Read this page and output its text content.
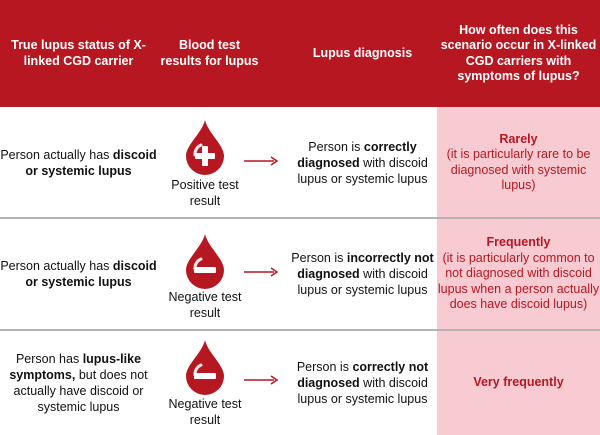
True lupus status of X-linked CGD carrier
Blood test results for lupus
Lupus diagnosis
How often does this scenario occur in X-linked CGD carriers with symptoms of lupus?
Person actually has discoid or systemic lupus
Positive test result
Person is correctly diagnosed with discoid lupus or systemic lupus
Rarely
(it is particularly rare to be diagnosed with systemic lupus)
Person actually has discoid or systemic lupus
Negative test result
Person is incorrectly not diagnosed with discoid lupus or systemic lupus
Frequently
(it is particularly common to not diagnosed with discoid lupus when a person actually does have discoid lupus)
Person has lupus-like symptoms, but does not actually have discoid or systemic lupus	Negative test result
Person is correctly not diagnosed with discoid lupus or systemic lupus
Very frequently
